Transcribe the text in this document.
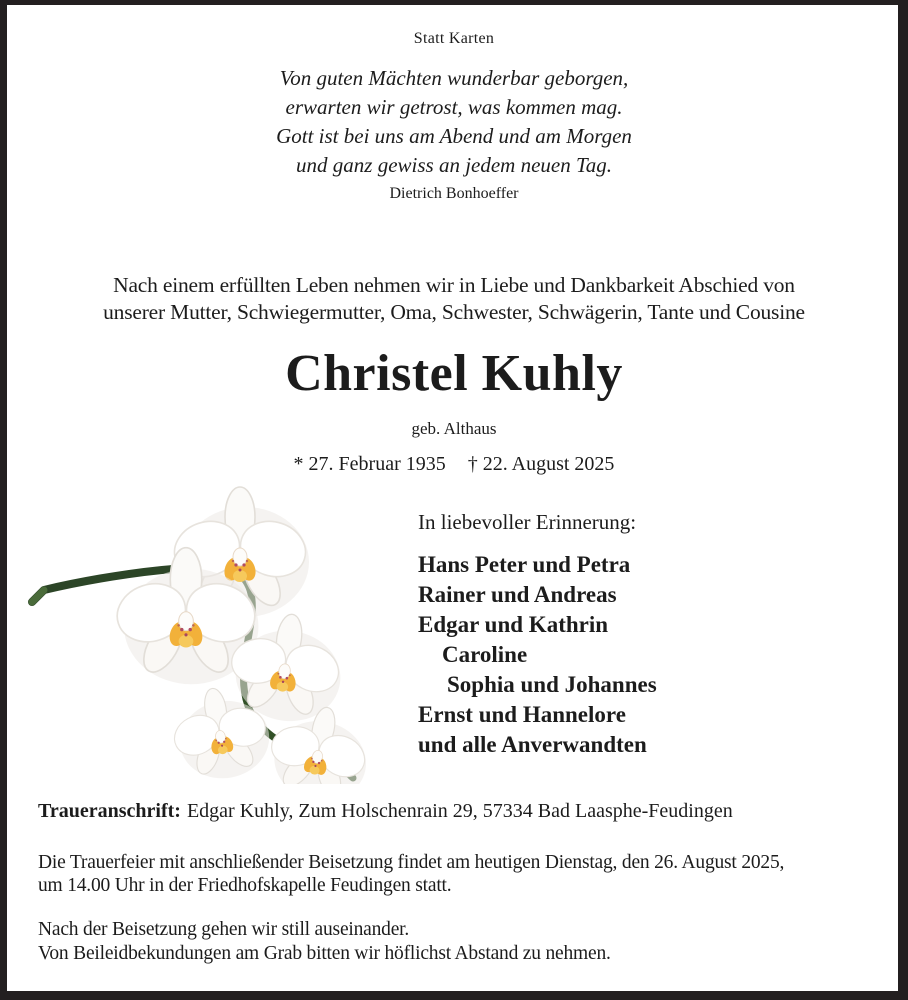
Statt Karten
Von guten Mächten wunderbar geborgen,
erwarten wir getrost, was kommen mag.
Gott ist bei uns am Abend und am Morgen
und ganz gewiss an jedem neuen Tag.
Dietrich Bonhoeffer
Nach einem erfüllten Leben nehmen wir in Liebe und Dankbarkeit Abschied von
unserer Mutter, Schwiegermutter, Oma, Schwester, Schwägerin, Tante und Cousine
Christel Kuhly
geb. Althaus
* 27. Februar 1935 † 22. August 2025
In liebevoller Erinnerung:
Hans Peter und Petra
Rainer und Andreas
Edgar und Kathrin
Caroline
Sophia und Johannes
Ernst und Hannelore
und alle Anverwandten
Traueranschrift: Edgar Kuhly, Zum Holschenrain 29, 57334 Bad Laasphe-Feudingen
Die Trauerfeier mit anschließender Beisetzung findet am heutigen Dienstag, den 26. August 2025,
um 14.00 Uhr in der Friedhofskapelle Feudingen statt.
Nach der Beisetzung gehen wir still auseinander.
Von Beileidbekundungen am Grab bitten wir höflichst Abstand zu nehmen.
